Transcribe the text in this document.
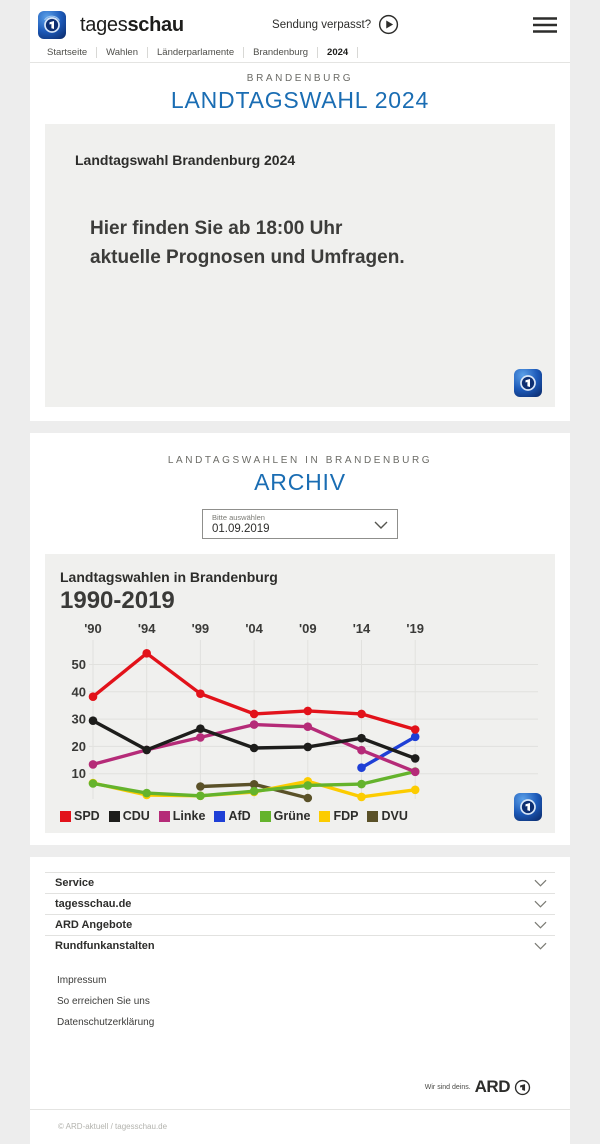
tagesschau	Sendung verpasst?
Startseite	Wahlen	Länderparlamente	Brandenburg	2024
BRANDENBURG
LANDTAGSWAHL 2024
Landtagswahl Brandenburg 2024
Hier finden Sie ab 18:00 Uhr
aktuelle Prognosen und Umfragen.
LANDTAGSWAHLEN IN BRANDENBURG
ARCHIV
Bitte auswählen
01.09.2019
Landtagswahlen in Brandenburg
1990-2019
10
20
30
40
50
'90	'94	'99	'04	'09	'14	'19
SPD	CDU	Linke	AfD	Grüne	FDP	DVU
Service
tagesschau.de
ARD Angebote
Rundfunkanstalten
Impressum
So erreichen Sie uns
Datenschutzerklärung
Wir sind deins. ARD
© ARD-aktuell / tagesschau.de
